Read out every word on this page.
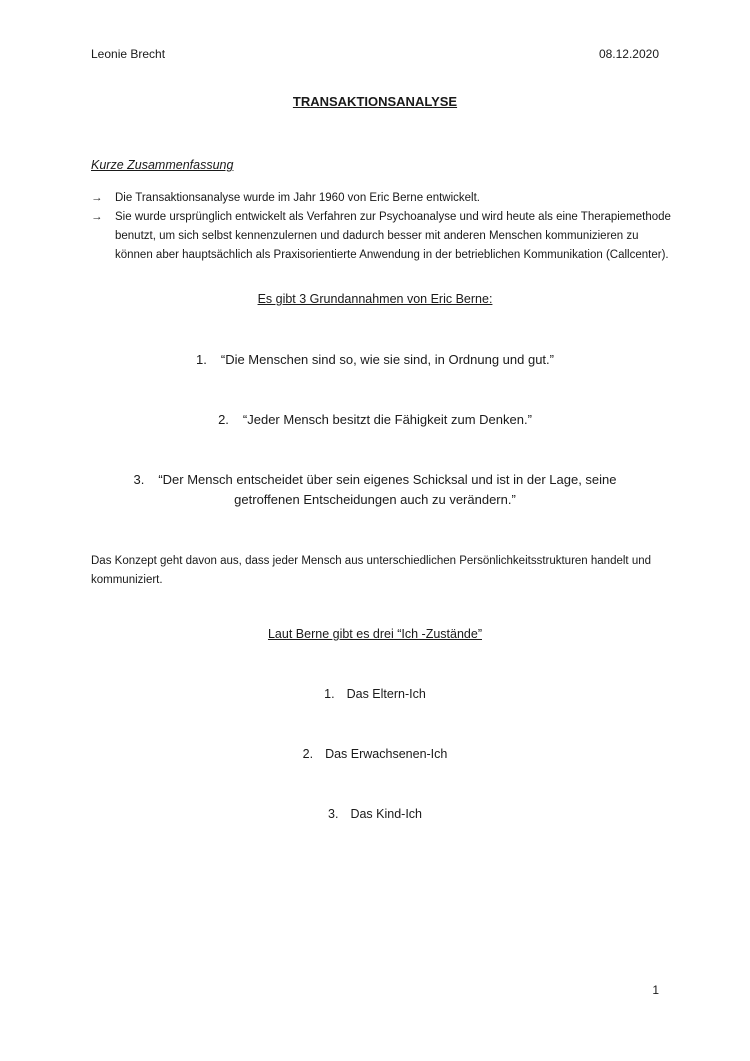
Leonie Brecht	08.12.2020
TRANSAKTIONSANALYSE
Kurze Zusammenfassung
→	Die Transaktionsanalyse wurde im Jahr 1960 von Eric Berne entwickelt.
→	Sie wurde ursprünglich entwickelt als Verfahren zur Psychoanalyse und wird heute als eine Therapiemethode benutzt, um sich selbst kennenzulernen und dadurch besser mit anderen Menschen kommunizieren zu können aber hauptsächlich als Praxisorientierte Anwendung in der betrieblichen Kommunikation (Callcenter).
Es gibt 3 Grundannahmen von Eric Berne:
1. “Die Menschen sind so, wie sie sind, in Ordnung und gut.”
2. “Jeder Mensch besitzt die Fähigkeit zum Denken.”
3. “Der Mensch entscheidet über sein eigenes Schicksal und ist in der Lage, seine
getroffenen Entscheidungen auch zu verändern.”
Das Konzept geht davon aus, dass jeder Mensch aus unterschiedlichen Persönlichkeitsstrukturen handelt und kommuniziert.
Laut Berne gibt es drei “Ich -Zustände”
1. Das Eltern-Ich
2. Das Erwachsenen-Ich
3. Das Kind-Ich
1
